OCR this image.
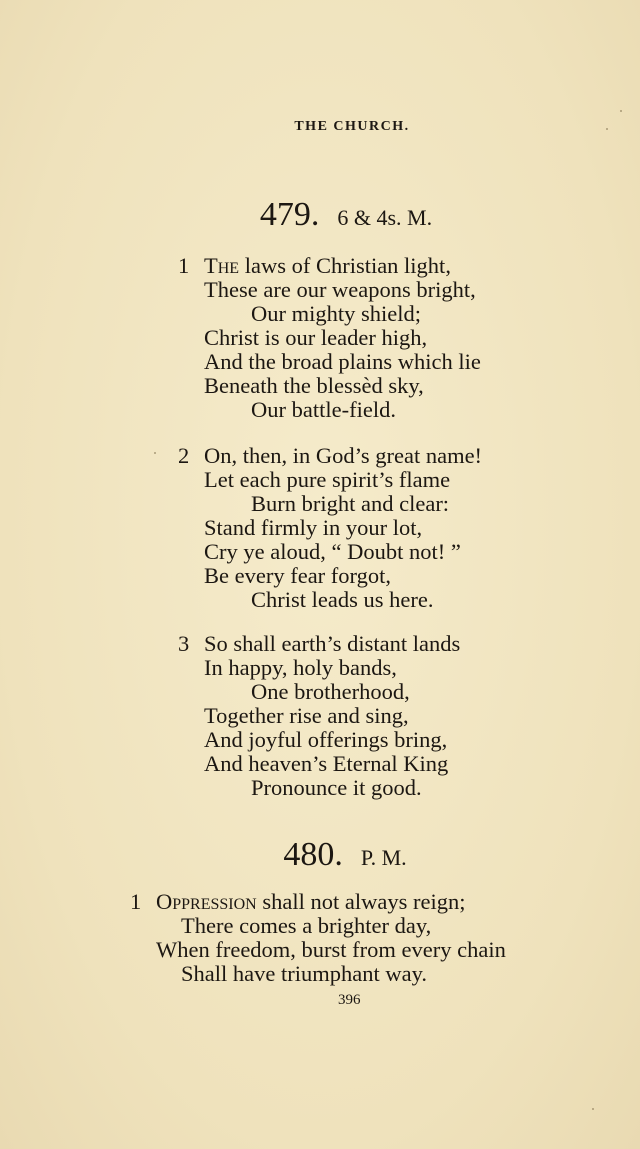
THE CHURCH.
479. 6 & 4s. M.
1 The laws of Christian light,
These are our weapons bright,
Our mighty shield;
Christ is our leader high,
And the broad plains which lie
Beneath the blessèd sky,
Our battle-field.
2 On, then, in God’s great name!
Let each pure spirit’s flame
Burn bright and clear:
Stand firmly in your lot,
Cry ye aloud, “ Doubt not! ”
Be every fear forgot,
Christ leads us here.
3 So shall earth’s distant lands
In happy, holy bands,
One brotherhood,
Together rise and sing,
And joyful offerings bring,
And heaven’s Eternal King
Pronounce it good.
480. P. M.
1 Oppression shall not always reign;
There comes a brighter day,
When freedom, burst from every chain
Shall have triumphant way.
396
